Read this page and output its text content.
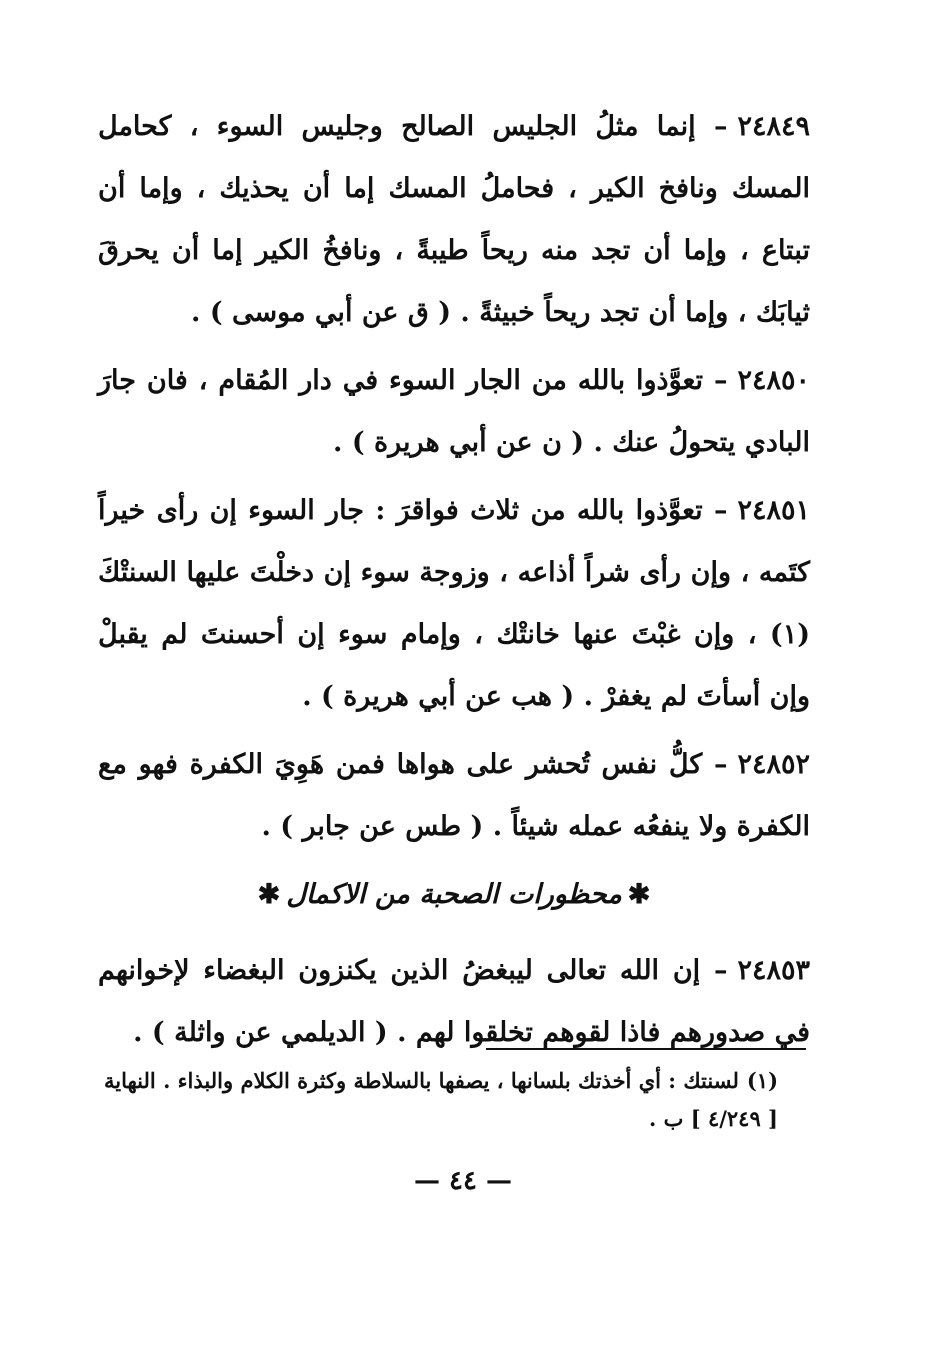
٢٤٨٤٩– إنما مثلُ الجليس الصالح وجليس السوء ، كحامل المسك ونافخ الكير ، فحاملُ المسك إما أن يحذيك ، وإما أن تبتاع ، وإما أن تجد منه ريحاً طيبةً ، ونافخُ الكير إما أن يحرقَ ثيابَك ، وإما أن تجد ريحاً خبيثةً . ( ق عن أبي موسى ) .

٢٤٨٥٠– تعوَّذوا بالله من الجار السوء في دار المُقام ، فان جارَ البادي يتحولُ عنك . ( ن عن أبي هريرة ) .

٢٤٨٥١– تعوَّذوا بالله من ثلاث فواقرَ : جار السوء إن رأى خيراً كتَمه ، وإن رأى شراً أذاعه ، وزوجة سوء إن دخلْتَ عليها السنتْكَ (١) ، وإن غبْتَ عنها خانتْك ، وإمام سوء إن أحسنتَ لم يقبلْ وإن أسأتَ لم يغفرْ . ( هب عن أبي هريرة ) .

٢٤٨٥٢– كلُّ نفس تُحشر على هواها فمن هَوِيَ الكفرة فهو مع الكفرة ولا ينفعُه عمله شيئاً . ( طس عن جابر ) .

✱محظورات الصحبة من الاكمال✱

٢٤٨٥٣– إن الله تعالى ليبغضُ الذين يكنزون البغضاء لإخوانهم في صدورهم فاذا لقوهم تخلقوا لهم . ( الديلمي عن واثلة ) .

(١)لسنتك : أي أخذتك بلسانها ، يصفها بالسلاطة وكثرة الكلام والبذاء . النهاية [ ٤/٢٤٩ ] ب .
— ٤٤ —
